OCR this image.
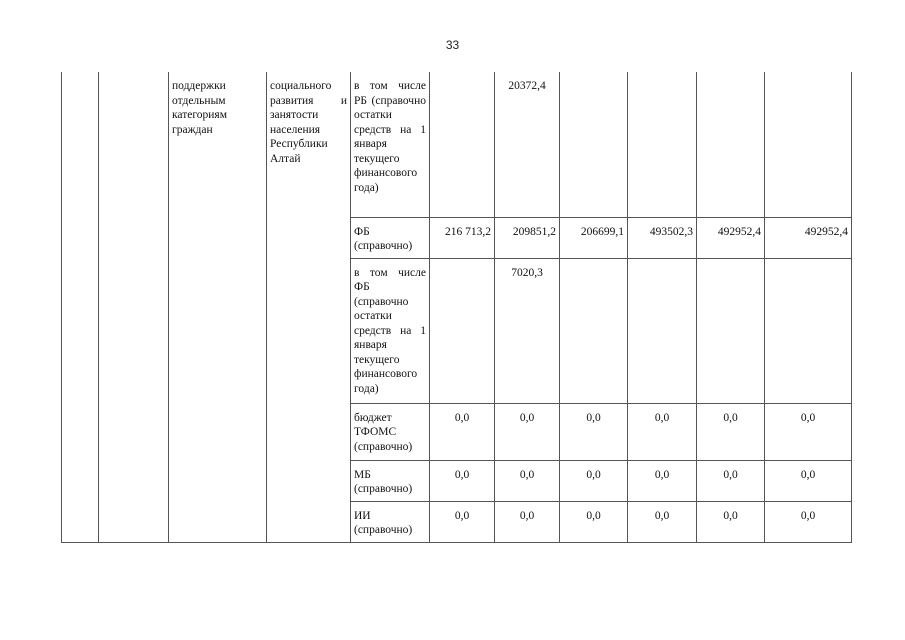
33
		поддержки отдельным категориям граждан	социального развития и занятости населения Республики Алтай	в том числе РБ (справочно остатки средств на 1 января текущего финансового года)		20372,4				
				ФБ (справочно)	216 713,2	209851,2	206699,1	493502,3	492952,4	492952,4
				в том числе ФБ (справочно остатки средств на 1 января текущего финансового года)		7020,3				
				бюджет ТФОМС (справочно)	0,0	0,0	0,0	0,0	0,0	0,0
				МБ (справочно)	0,0	0,0	0,0	0,0	0,0	0,0
				ИИ (справочно)	0,0	0,0	0,0	0,0	0,0	0,0
